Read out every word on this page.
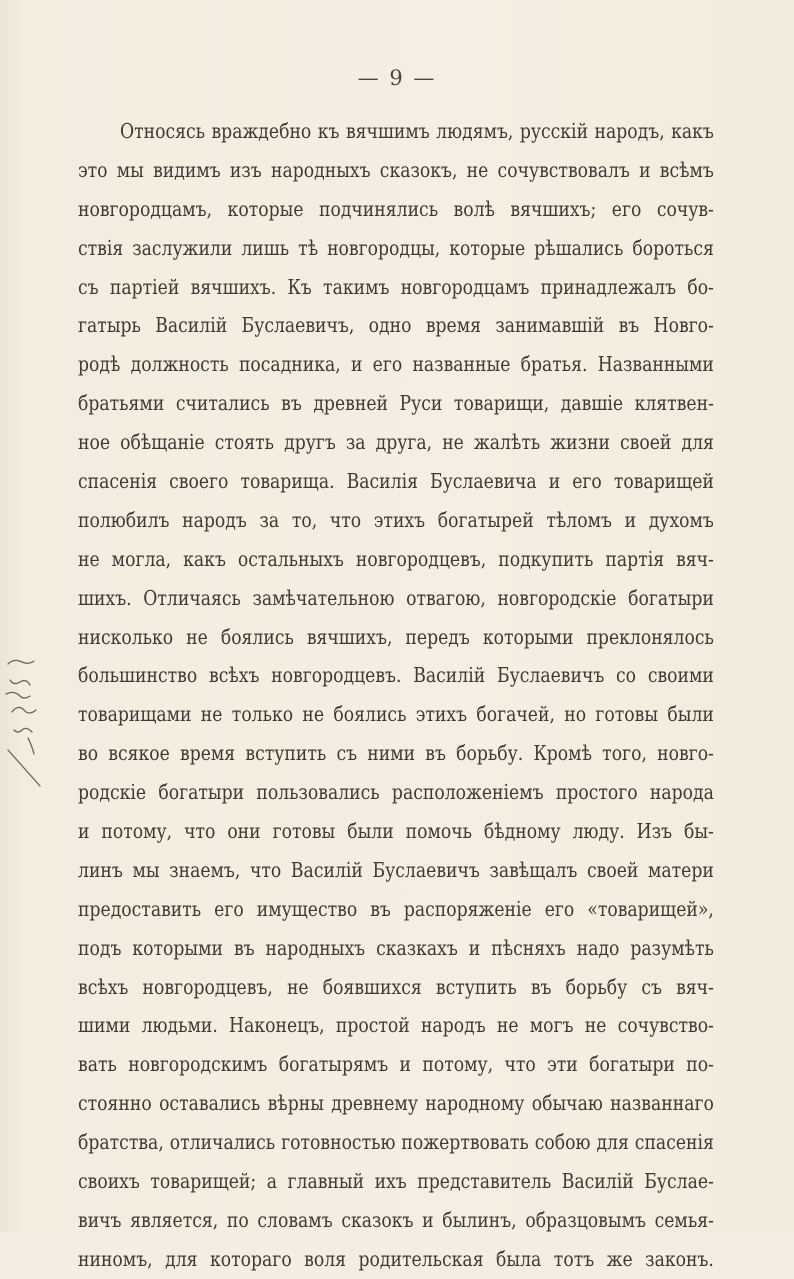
— 9 —
Относясь враждебно къ вячшимъ людямъ, русскій народъ, какъ
это мы видимъ изъ народныхъ сказокъ, не сочувствовалъ и всѣмъ
новгородцамъ, которые подчинялись волѣ вячшихъ; его сочув-
ствія заслужили лишь тѣ новгородцы, которые рѣшались бороться
съ партіей вячшихъ. Къ такимъ новгородцамъ принадлежалъ бо-
гатырь Василій Буслаевичъ, одно время занимавшій въ Новго-
родѣ должность посадника, и его названные братья. Названными
братьями считались въ древней Руси товарищи, давшіе клятвен-
ное обѣщаніе стоять другъ за друга, не жалѣть жизни своей для
спасенія своего товарища. Василія Буслаевича и его товарищей
полюбилъ народъ за то, что этихъ богатырей тѣломъ и духомъ
не могла, какъ остальныхъ новгородцевъ, подкупить партія вяч-
шихъ. Отличаясь замѣчательною отвагою, новгородскіе богатыри
нисколько не боялись вячшихъ, передъ которыми преклонялось
большинство всѣхъ новгородцевъ. Василій Буслаевичъ со своими
товарищами не только не боялись этихъ богачей, но готовы были
во всякое время вступить съ ними въ борьбу. Кромѣ того, новго-
родскіе богатыри пользовались расположеніемъ простого народа
и потому, что они готовы были помочь бѣдному люду. Изъ бы-
линъ мы знаемъ, что Василій Буслаевичъ завѣщалъ своей матери
предоставить его имущество въ распоряженіе его «товарищей»,
подъ которыми въ народныхъ сказкахъ и пѣсняхъ надо разумѣть
всѣхъ новгородцевъ, не боявшихся вступить въ борьбу съ вяч-
шими людьми. Наконецъ, простой народъ не могъ не сочувство-
вать новгородскимъ богатырямъ и потому, что эти богатыри по-
стоянно оставались вѣрны древнему народному обычаю названнаго
братства, отличались готовностью пожертвовать собою для спасенія
своихъ товарищей; а главный ихъ представитель Василій Буслае-
вичъ является, по словамъ сказокъ и былинъ, образцовымъ семья-
ниномъ, для котораго воля родительская была тотъ же законъ.
